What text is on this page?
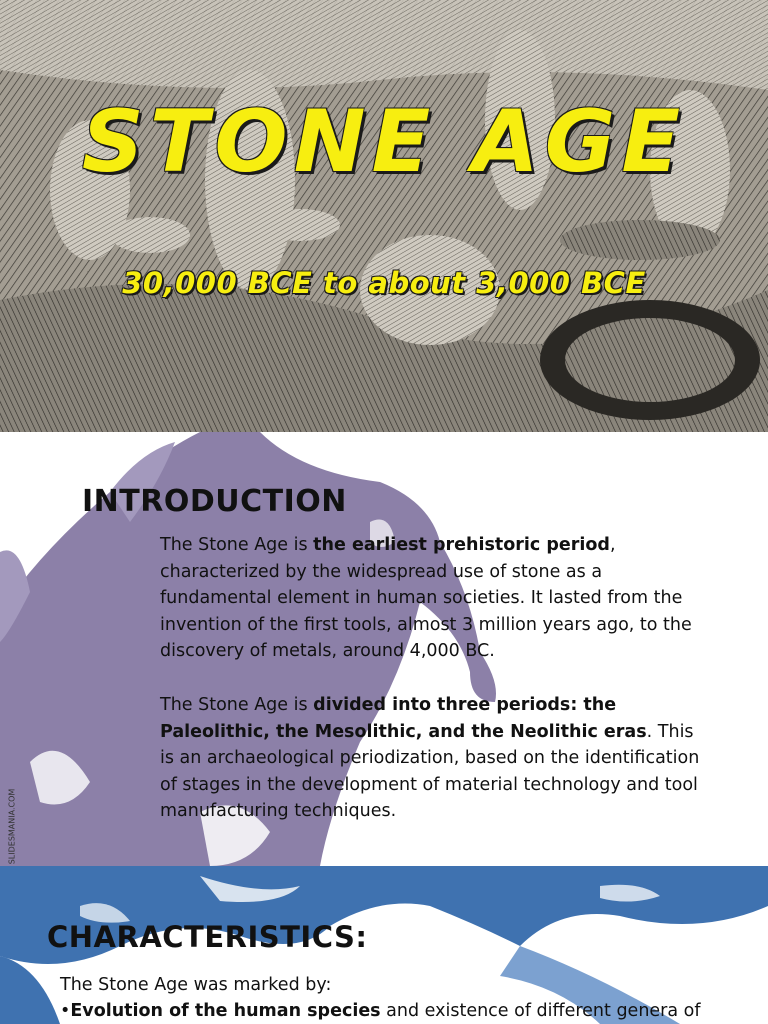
STONE AGE
30,000 BCE to about 3,000 BCE
INTRODUCTION
The Stone Age is the earliest prehistoric period, characterized by the widespread use of stone as a fundamental element in human societies. It lasted from the invention of the first tools, almost 3 million years ago, to the discovery of metals, around 4,000 BC.
The Stone Age is divided into three periods: the Paleolithic, the Mesolithic, and the Neolithic eras. This is an archaeological periodization, based on the identification of stages in the development of material technology and tool manufacturing techniques.
SLIDESMANIA.COM
CHARACTERISTICS:
The Stone Age was marked by:
•Evolution of the human species and existence of different genera of
